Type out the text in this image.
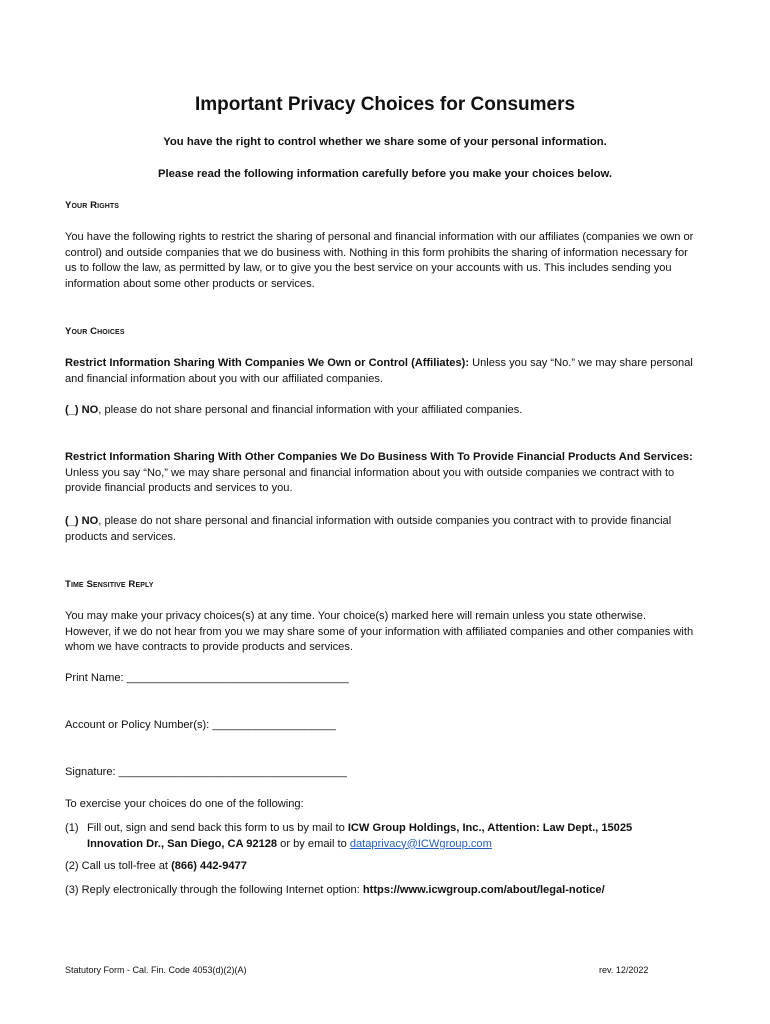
Important Privacy Choices for Consumers
You have the right to control whether we share some of your personal information.
Please read the following information carefully before you make your choices below.
Your Rights
You have the following rights to restrict the sharing of personal and financial information with our affiliates (companies we own or control) and outside companies that we do business with. Nothing in this form prohibits the sharing of information necessary for us to follow the law, as permitted by law, or to give you the best service on your accounts with us. This includes sending you information about some other products or services.
Your Choices
Restrict Information Sharing With Companies We Own or Control (Affiliates): Unless you say “No.” we may share personal and financial information about you with our affiliated companies.
(_) NO, please do not share personal and financial information with your affiliated companies.
Restrict Information Sharing With Other Companies We Do Business With To Provide Financial Products And Services: Unless you say “No,” we may share personal and financial information about you with outside companies we contract with to provide financial products and services to you.
(_) NO, please do not share personal and financial information with outside companies you contract with to provide financial products and services.
Time Sensitive Reply
You may make your privacy choices(s) at any time. Your choice(s) marked here will remain unless you state otherwise. However, if we do not hear from you we may share some of your information with affiliated companies and other companies with whom we have contracts to provide products and services.
Print Name: ____________________________________
Account or Policy Number(s): ____________________
Signature: _____________________________________
To exercise your choices do one of the following:
(1) Fill out, sign and send back this form to us by mail to ICW Group Holdings, Inc., Attention: Law Dept., 15025 Innovation Dr., San Diego, CA 92128 or by email to dataprivacy@ICWgroup.com
(2) Call us toll-free at (866) 442-9477
(3) Reply electronically through the following Internet option: https://www.icwgroup.com/about/legal-notice/
Statutory Form - Cal. Fin. Code 4053(d)(2)(A)	rev. 12/2022
